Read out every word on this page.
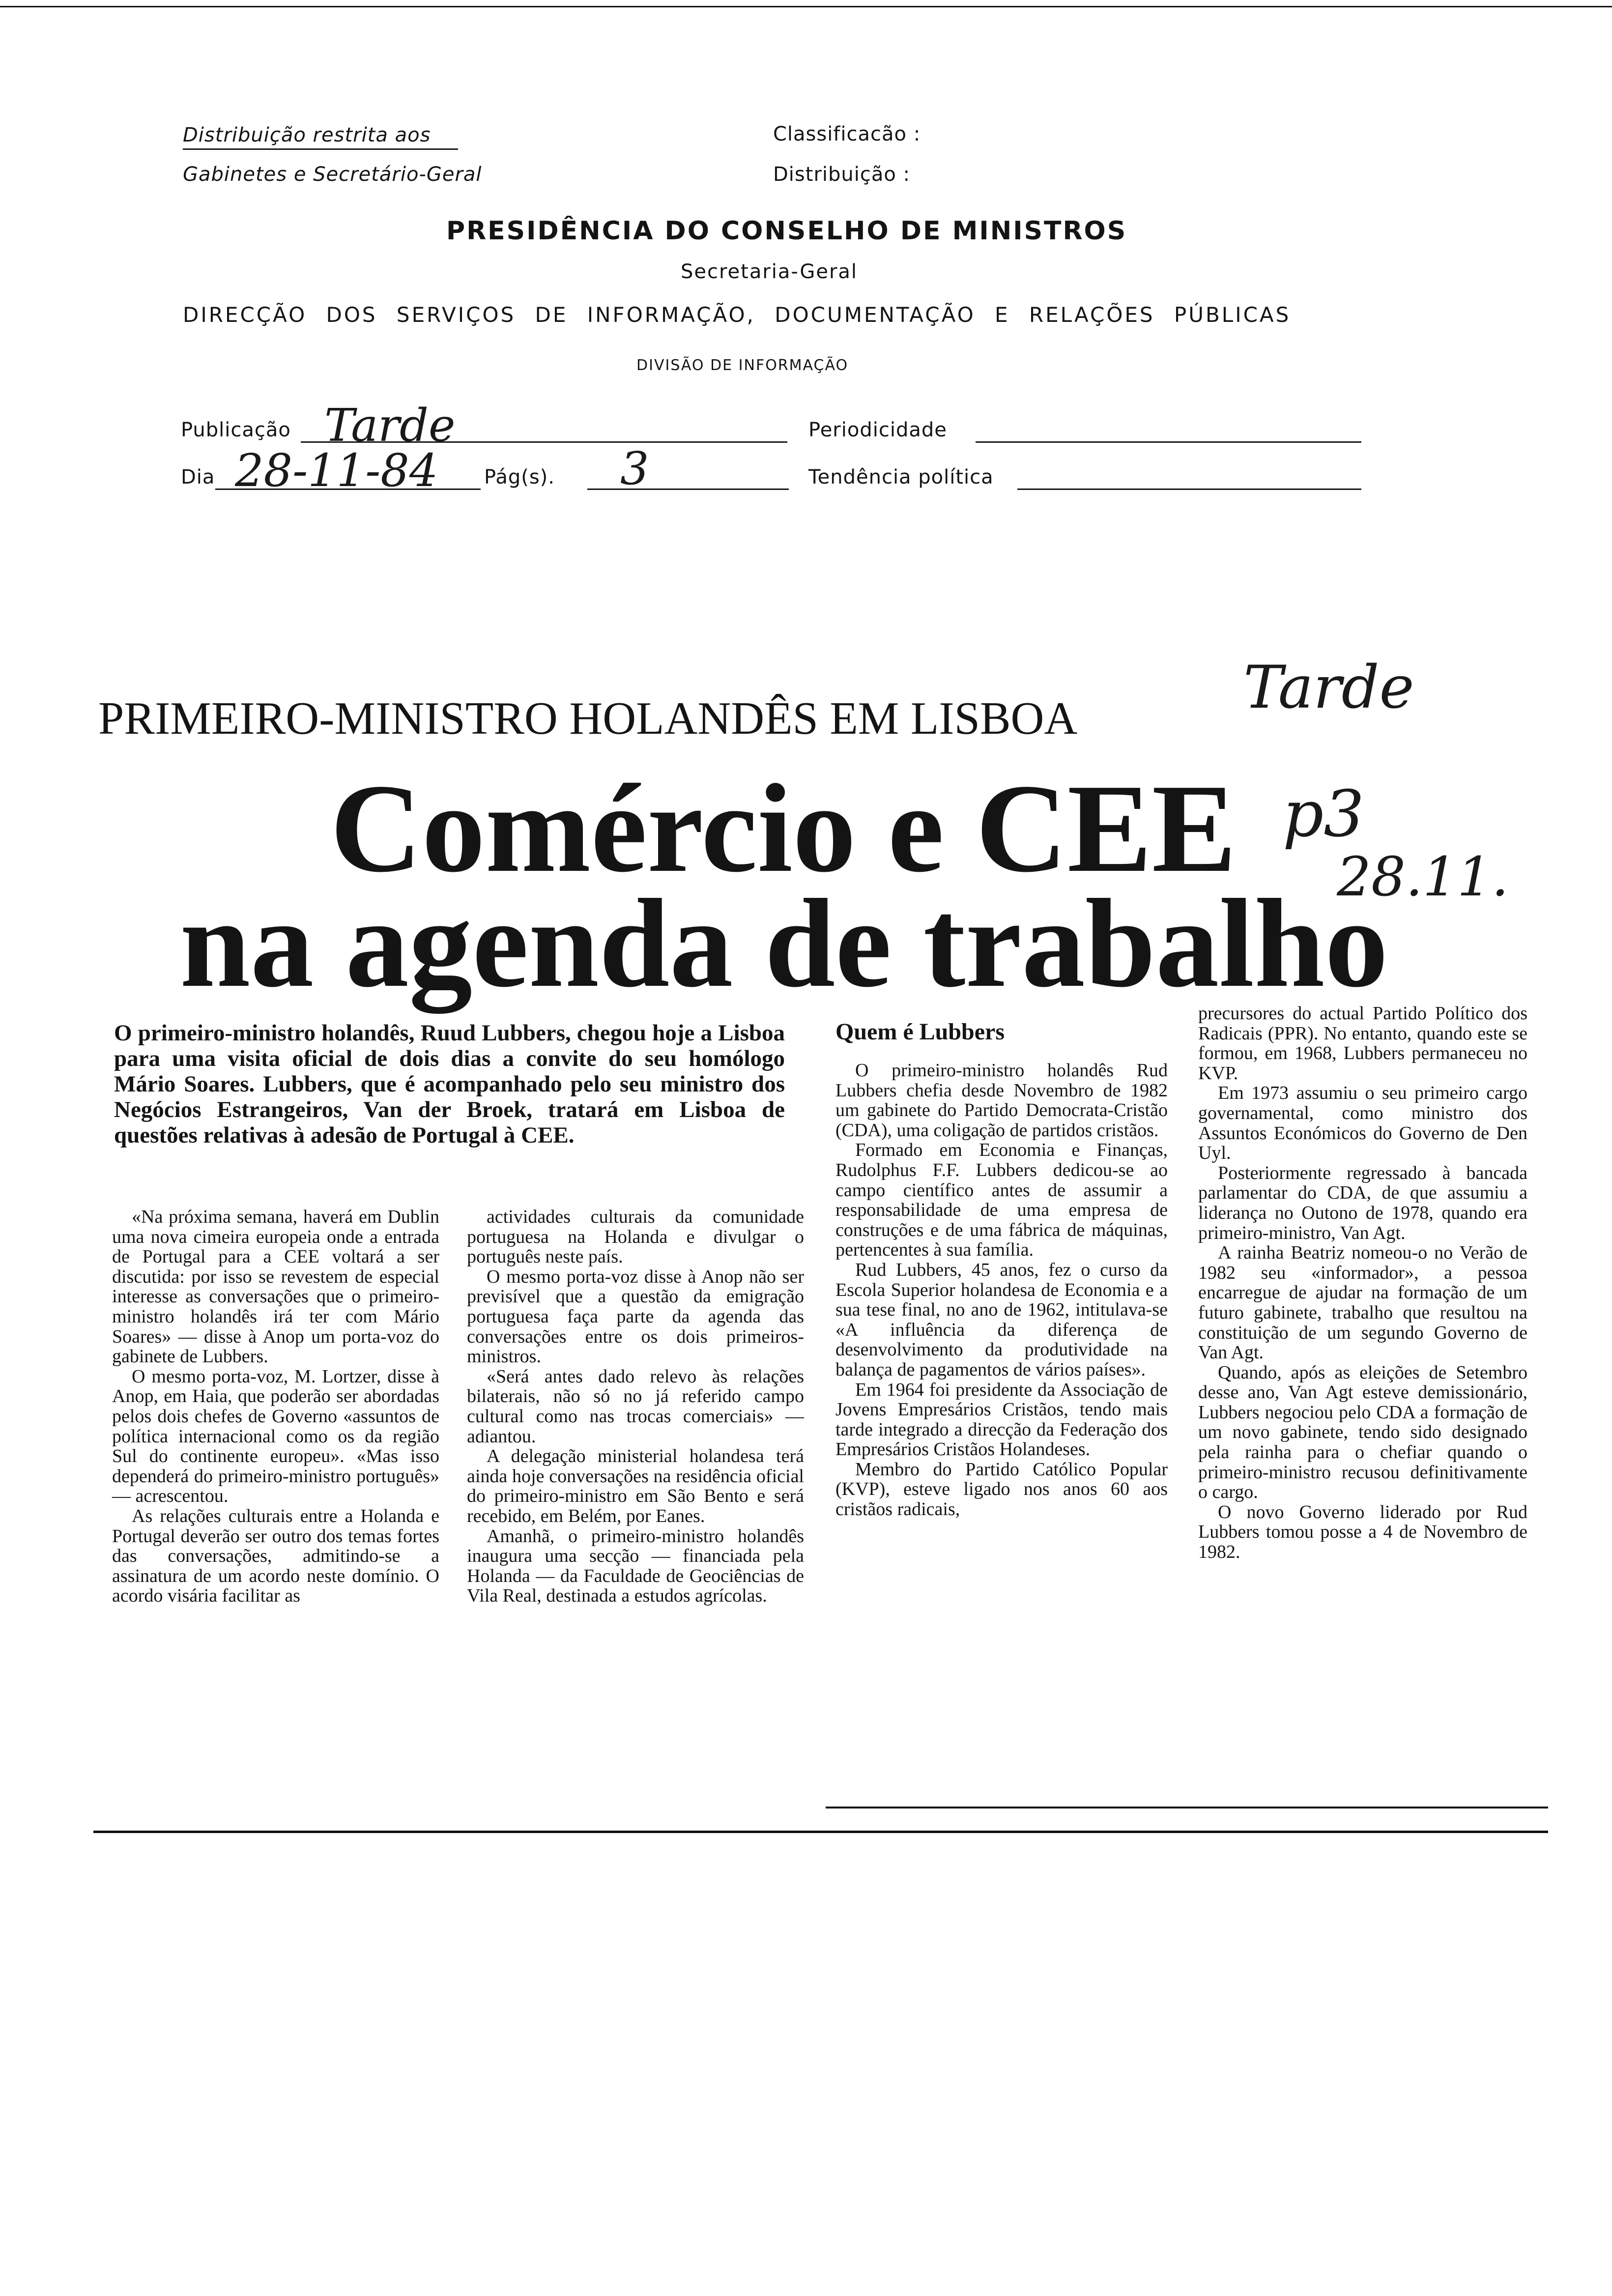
Distribuição restrita aos
Gabinetes e Secretário-Geral
Classificacão :
Distribuição :
PRESIDÊNCIA DO CONSELHO DE MINISTROS
Secretaria-Geral
DIRECÇÃO DOS SERVIÇOS DE INFORMAÇÃO, DOCUMENTAÇÃO E RELAÇÕES PÚBLICAS
DIVISÃO DE INFORMAÇÃO
Publicação Tarde	Periodicidade
Dia 28-11-84 Pág(s). 3	Tendência política
PRIMEIRO-MINISTRO HOLANDÊS EM LISBOA	Tarde
Comércio e CEE p3
28.11.
na agenda de trabalho

O primeiro-ministro holandês, Ruud Lubbers, chegou hoje a Lisboa para uma visita oficial de dois dias a convite do seu homólogo Mário Soares. Lubbers, que é acompanhado pelo seu ministro dos Negócios Estrangeiros, Van der Broek, tratará em Lisboa de questões relativas à adesão de Portugal à CEE.

«Na próxima semana, haverá em Dublin uma nova cimeira europeia onde a entrada de Portugal para a CEE voltará a ser discutida: por isso se revestem de especial interesse as conversações que o primeiro-ministro holandês irá ter com Mário Soares» — disse à Anop um porta-voz do gabinete de Lubbers.

O mesmo porta-voz, M. Lortzer, disse à Anop, em Haia, que poderão ser abordadas pelos dois chefes de Governo «assuntos de política internacional como os da região Sul do continente europeu». «Mas isso dependerá do primeiro-ministro português» — acrescentou.

As relações culturais entre a Holanda e Portugal deverão ser outro dos temas fortes das conversações, admitindo-se a assinatura de um acordo neste domínio. O acordo visária facilitar as

actividades culturais da comunidade portuguesa na Holanda e divulgar o português neste país.

O mesmo porta-voz disse à Anop não ser previsível que a questão da emigração portuguesa faça parte da agenda das conversações entre os dois primeiros-ministros.

«Será antes dado relevo às relações bilaterais, não só no já referido campo cultural como nas trocas comerciais» — adiantou.

A delegação ministerial holandesa terá ainda hoje conversações na residência oficial do primeiro-ministro em São Bento e será recebido, em Belém, por Eanes.

Amanhã, o primeiro-ministro holandês inaugura uma secção — financiada pela Holanda — da Faculdade de Geociências de Vila Real, destinada a estudos agrícolas.

Quem é Lubbers

O primeiro-ministro holandês Rud Lubbers chefia desde Novembro de 1982 um gabinete do Partido Democrata-Cristão (CDA), uma coligação de partidos cristãos.

Formado em Economia e Finanças, Rudolphus F.F. Lubbers dedicou-se ao campo científico antes de assumir a responsabilidade de uma empresa de construções e de uma fábrica de máquinas, pertencentes à sua família.

Rud Lubbers, 45 anos, fez o curso da Escola Superior holandesa de Economia e a sua tese final, no ano de 1962, intitulava-se «A influência da diferença de desenvolvimento da produtividade na balança de pagamentos de vários países».

Em 1964 foi presidente da Associação de Jovens Empresários Cristãos, tendo mais tarde integrado a direcção da Federação dos Empresários Cristãos Holandeses.

Membro do Partido Católico Popular (KVP), esteve ligado nos anos 60 aos cristãos radicais,

precursores do actual Partido Político dos Radicais (PPR). No entanto, quando este se formou, em 1968, Lubbers permaneceu no KVP.

Em 1973 assumiu o seu primeiro cargo governamental, como ministro dos Assuntos Económicos do Governo de Den Uyl.

Posteriormente regressado à bancada parlamentar do CDA, de que assumiu a liderança no Outono de 1978, quando era primeiro-ministro, Van Agt.

A rainha Beatriz nomeou-o no Verão de 1982 seu «informador», a pessoa encarregue de ajudar na formação de um futuro gabinete, trabalho que resultou na constituição de um segundo Governo de Van Agt.

Quando, após as eleições de Setembro desse ano, Van Agt esteve demissionário, Lubbers negociou pelo CDA a formação de um novo gabinete, tendo sido designado pela rainha para o chefiar quando o primeiro-ministro recusou definitivamente o cargo.

O novo Governo liderado por Rud Lubbers tomou posse a 4 de Novembro de 1982.
